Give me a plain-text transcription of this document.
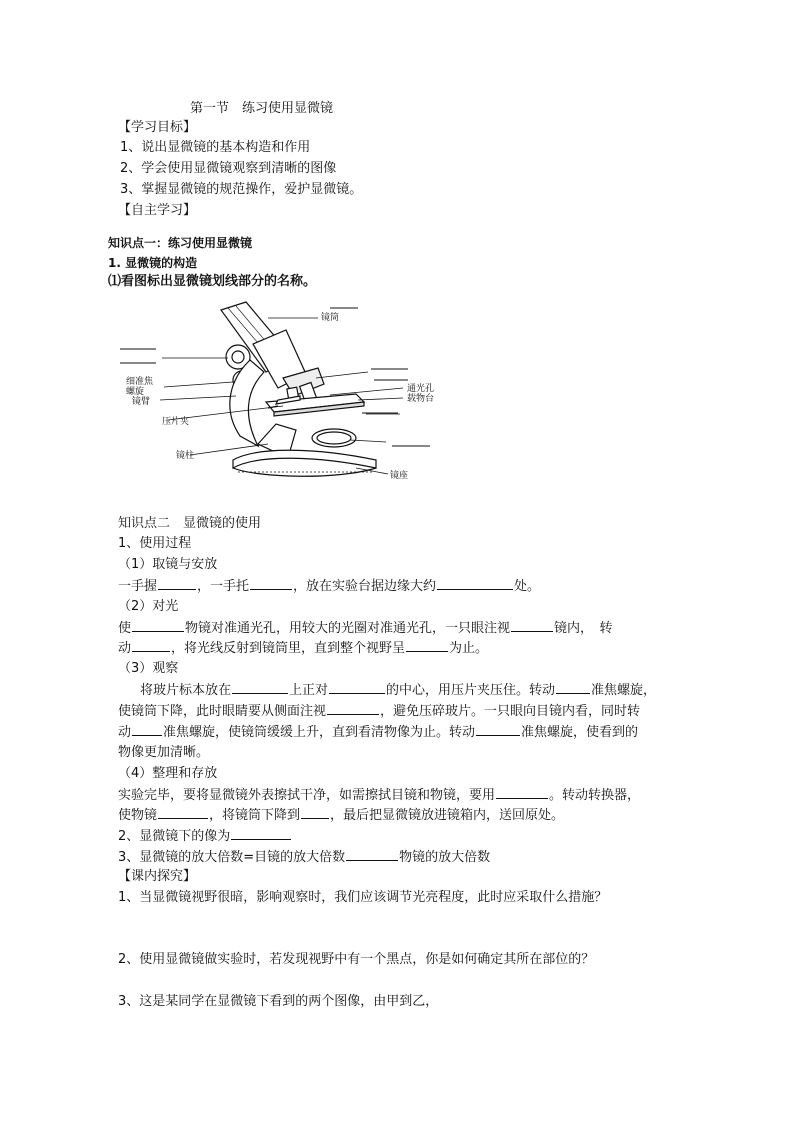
第一节　练习使用显微镜
【学习目标】
1、说出显微镜的基本构造和作用
2、学会使用显微镜观察到清晰的图像
3、掌握显微镜的规范操作，爱护显微镜。
【自主学习】
知识点一：练习使用显微镜
1. 显微镜的构造
⑴看图标出显微镜划线部分的名称。
镜筒
细准焦
螺旋
镜臂
压片夹
镜柱
通光孔
载物台
镜座
知识点二　显微镜的使用
1、使用过程
（1）取镜与安放
一手握	，一手托	，放在实验台据边缘大约	处。
（2）对光
使	物镜对准通光孔，用较大的光圈对准通光孔，一只眼注视	镜内，　转
动	，将光线反射到镜筒里，直到整个视野呈	为止。
（3）观察
将玻片标本放在	上正对	的中心，用压片夹压住。转动	准焦螺旋，
使镜筒下降，此时眼睛要从侧面注视	，避免压碎玻片。一只眼向目镜内看，同时转
动 准焦螺旋，使镜筒缓缓上升，直到看清物像为止。转动	准焦螺旋，使看到的
物像更加清晰。
（4）整理和存放
实验完毕，要将显微镜外表擦拭干净，如需擦拭目镜和物镜，要用	。转动转换器，
使物镜	，将镜筒下降到 ，最后把显微镜放进镜箱内，送回原处。
2、显微镜下的像为
3、显微镜的放大倍数=目镜的放大倍数	物镜的放大倍数
【课内探究】
1、当显微镜视野很暗，影响观察时，我们应该调节光亮程度，此时应采取什么措施？
2、使用显微镜做实验时，若发现视野中有一个黑点，你是如何确定其所在部位的？
3、这是某同学在显微镜下看到的两个图像，由甲到乙，
